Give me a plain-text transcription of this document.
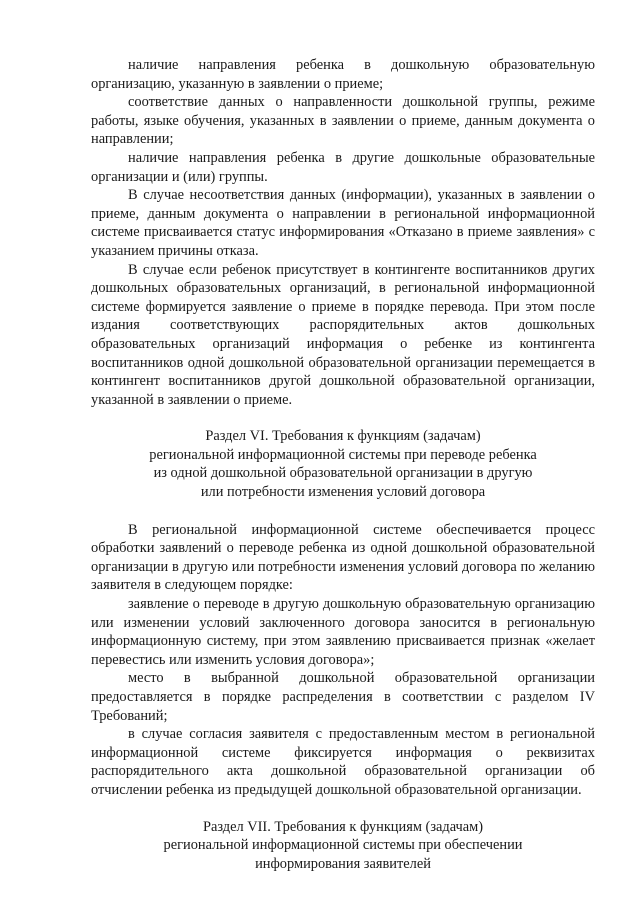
наличие направления ребенка в дошкольную образовательную организацию, указанную в заявлении о приеме;

соответствие данных о направленности дошкольной группы, режиме работы, языке обучения, указанных в заявлении о приеме, данным документа о направлении;

наличие направления ребенка в другие дошкольные образовательные организации и (или) группы.

В случае несоответствия данных (информации), указанных в заявлении о приеме, данным документа о направлении в региональной информационной системе присваивается статус информирования «Отказано в приеме заявления» с указанием причины отказа.

В случае если ребенок присутствует в контингенте воспитанников других дошкольных образовательных организаций, в региональной информационной системе формируется заявление о приеме в порядке перевода. При этом после издания соответствующих распорядительных актов дошкольных образовательных организаций информация о ребенке из контингента воспитанников одной дошкольной образовательной организации перемещается в контингент воспитанников другой дошкольной образовательной организации, указанной в заявлении о приеме.

Раздел VI. Требования к функциям (задачам)
региональной информационной системы при переводе ребенка
из одной дошкольной образовательной организации в другую
или потребности изменения условий договора

В региональной информационной системе обеспечивается процесс обработки заявлений о переводе ребенка из одной дошкольной образовательной организации в другую или потребности изменения условий договора по желанию заявителя в следующем порядке:

заявление о переводе в другую дошкольную образовательную организацию или изменении условий заключенного договора заносится в региональную информационную систему, при этом заявлению присваивается признак «желает перевестись или изменить условия договора»;

место в выбранной дошкольной образовательной организации предоставляется в порядке распределения в соответствии с разделом IV Требований;

в случае согласия заявителя с предоставленным местом в региональной информационной системе фиксируется информация о реквизитах распорядительного акта дошкольной образовательной организации об отчислении ребенка из предыдущей дошкольной образовательной организации.

Раздел VII. Требования к функциям (задачам)
региональной информационной системы при обеспечении
информирования заявителей
